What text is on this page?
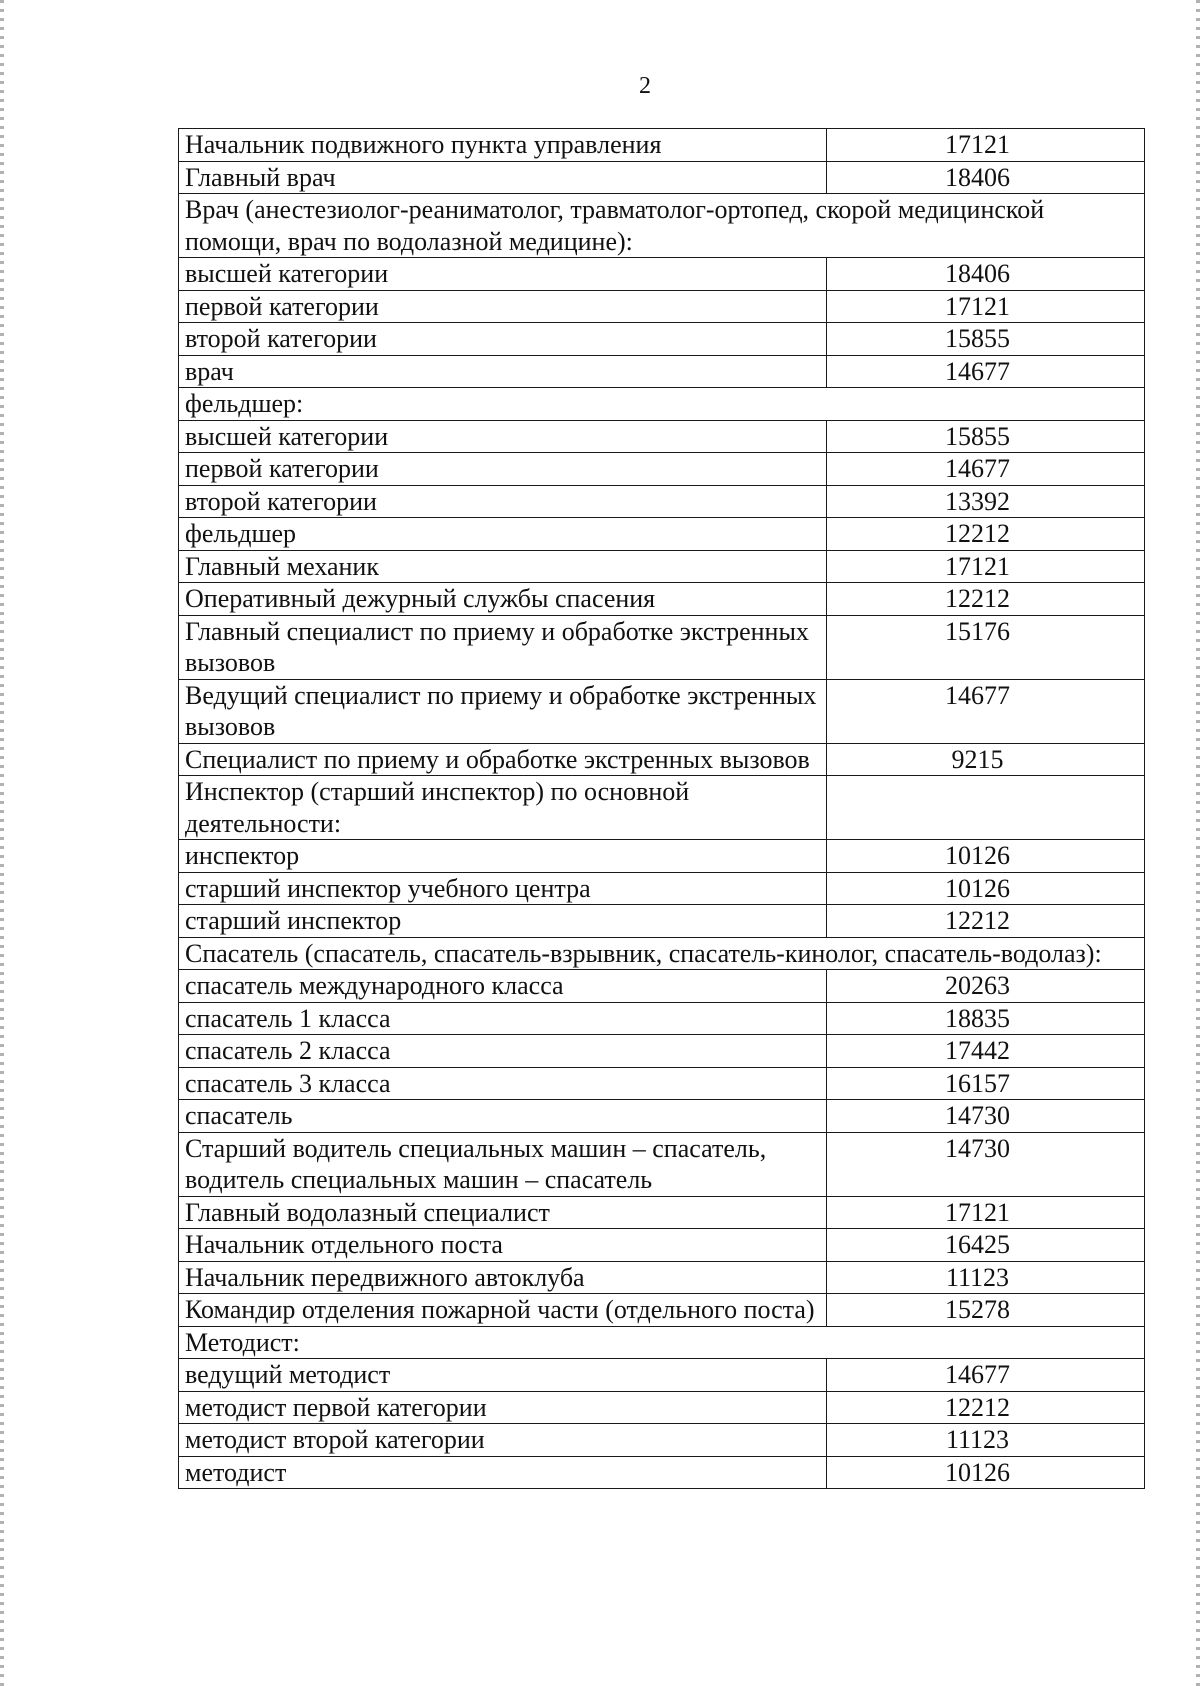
2
Начальник подвижного пункта управления	17121
Главный врач	18406
Врач (анестезиолог-реаниматолог, травматолог-ортопед, скорой медицинской помощи, врач по водолазной медицине):	
высшей категории	18406
первой категории	17121
второй категории	15855
врач	14677
фельдшер:	
высшей категории	15855
первой категории	14677
второй категории	13392
фельдшер	12212
Главный механик	17121
Оперативный дежурный службы спасения	12212
Главный специалист по приему и обработке экстренных вызовов	15176
Ведущий специалист по приему и обработке экстренных вызовов	14677
Специалист по приему и обработке экстренных вызовов	9215
Инспектор (старший инспектор) по основной деятельности:	
инспектор	10126
старший инспектор учебного центра	10126
старший инспектор	12212
Спасатель (спасатель, спасатель-взрывник, спасатель-кинолог, спасатель-водолаз):	
спасатель международного класса	20263
спасатель 1 класса	18835
спасатель 2 класса	17442
спасатель 3 класса	16157
спасатель	14730
Старший водитель специальных машин – спасатель, водитель специальных машин – спасатель	14730
Главный водолазный специалист	17121
Начальник отдельного поста	16425
Начальник передвижного автоклуба	11123
Командир отделения пожарной части (отдельного поста)	15278
Методист:	
ведущий методист	14677
методист первой категории	12212
методист второй категории	11123
методист	10126
